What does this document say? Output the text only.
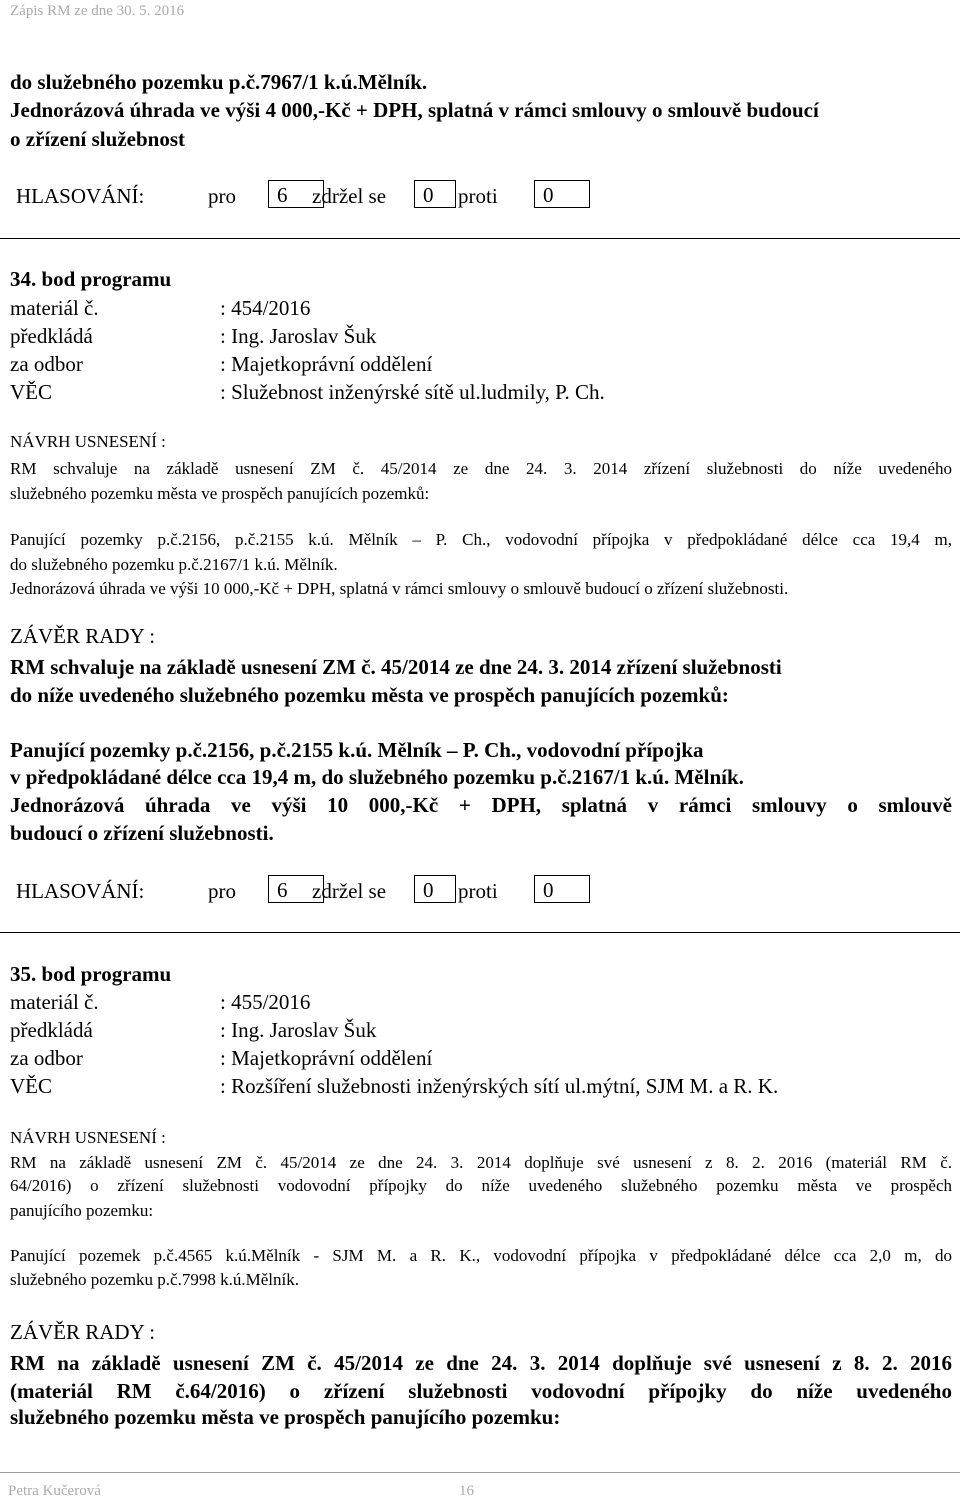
Zápis RM ze dne 30. 5. 2016
do služebného pozemku p.č.7967/1 k.ú.Mělník.
Jednorázová úhrada ve výši 4 000,-Kč + DPH, splatná v rámci smlouvy o smlouvě budoucí
o zřízení služebnost
HLASOVÁNÍ:	pro	6	zdržel se	0	proti	0
34. bod programu
materiál č.	: 454/2016
předkládá	: Ing. Jaroslav Šuk
za odbor	: Majetkoprávní oddělení
VĚC	: Služebnost inženýrské sítě ul.ludmily, P. Ch.
NÁVRH USNESENÍ :
RM schvaluje na základě usnesení ZM č. 45/2014 ze dne 24. 3. 2014 zřízení služebnosti do níže uvedeného
služebného pozemku města ve prospěch panujících pozemků:
Panující pozemky p.č.2156, p.č.2155 k.ú. Mělník – P. Ch., vodovodní přípojka v předpokládané délce cca 19,4 m,
do služebného pozemku p.č.2167/1 k.ú. Mělník.
Jednorázová úhrada ve výši 10 000,-Kč + DPH, splatná v rámci smlouvy o smlouvě budoucí o zřízení služebnosti.
ZÁVĚR RADY :
RM schvaluje na základě usnesení ZM č. 45/2014 ze dne 24. 3. 2014 zřízení služebnosti
do níže uvedeného služebného pozemku města ve prospěch panujících pozemků:
Panující pozemky p.č.2156, p.č.2155 k.ú. Mělník – P. Ch., vodovodní přípojka
v předpokládané délce cca 19,4 m, do služebného pozemku p.č.2167/1 k.ú. Mělník.
Jednorázová úhrada ve výši 10 000,-Kč + DPH, splatná v rámci smlouvy o smlouvě
budoucí o zřízení služebnosti.
HLASOVÁNÍ:	pro	6	zdržel se	0	proti	0
35. bod programu
materiál č.	: 455/2016
předkládá	: Ing. Jaroslav Šuk
za odbor	: Majetkoprávní oddělení
VĚC	: Rozšíření služebnosti inženýrských sítí ul.mýtní, SJM M. a R. K.
NÁVRH USNESENÍ :
RM na základě usnesení ZM č. 45/2014 ze dne 24. 3. 2014 doplňuje své usnesení z 8. 2. 2016 (materiál RM č.
64/2016) o zřízení služebnosti vodovodní přípojky do níže uvedeného služebného pozemku města ve prospěch
panujícího pozemku:
Panující pozemek p.č.4565 k.ú.Mělník - SJM M. a R. K., vodovodní přípojka v předpokládané délce cca 2,0 m, do
služebného pozemku p.č.7998 k.ú.Mělník.
ZÁVĚR RADY :
RM na základě usnesení ZM č. 45/2014 ze dne 24. 3. 2014 doplňuje své usnesení z 8. 2. 2016
(materiál RM č.64/2016) o zřízení služebnosti vodovodní přípojky do níže uvedeného
služebného pozemku města ve prospěch panujícího pozemku:
Petra Kučerová	16
